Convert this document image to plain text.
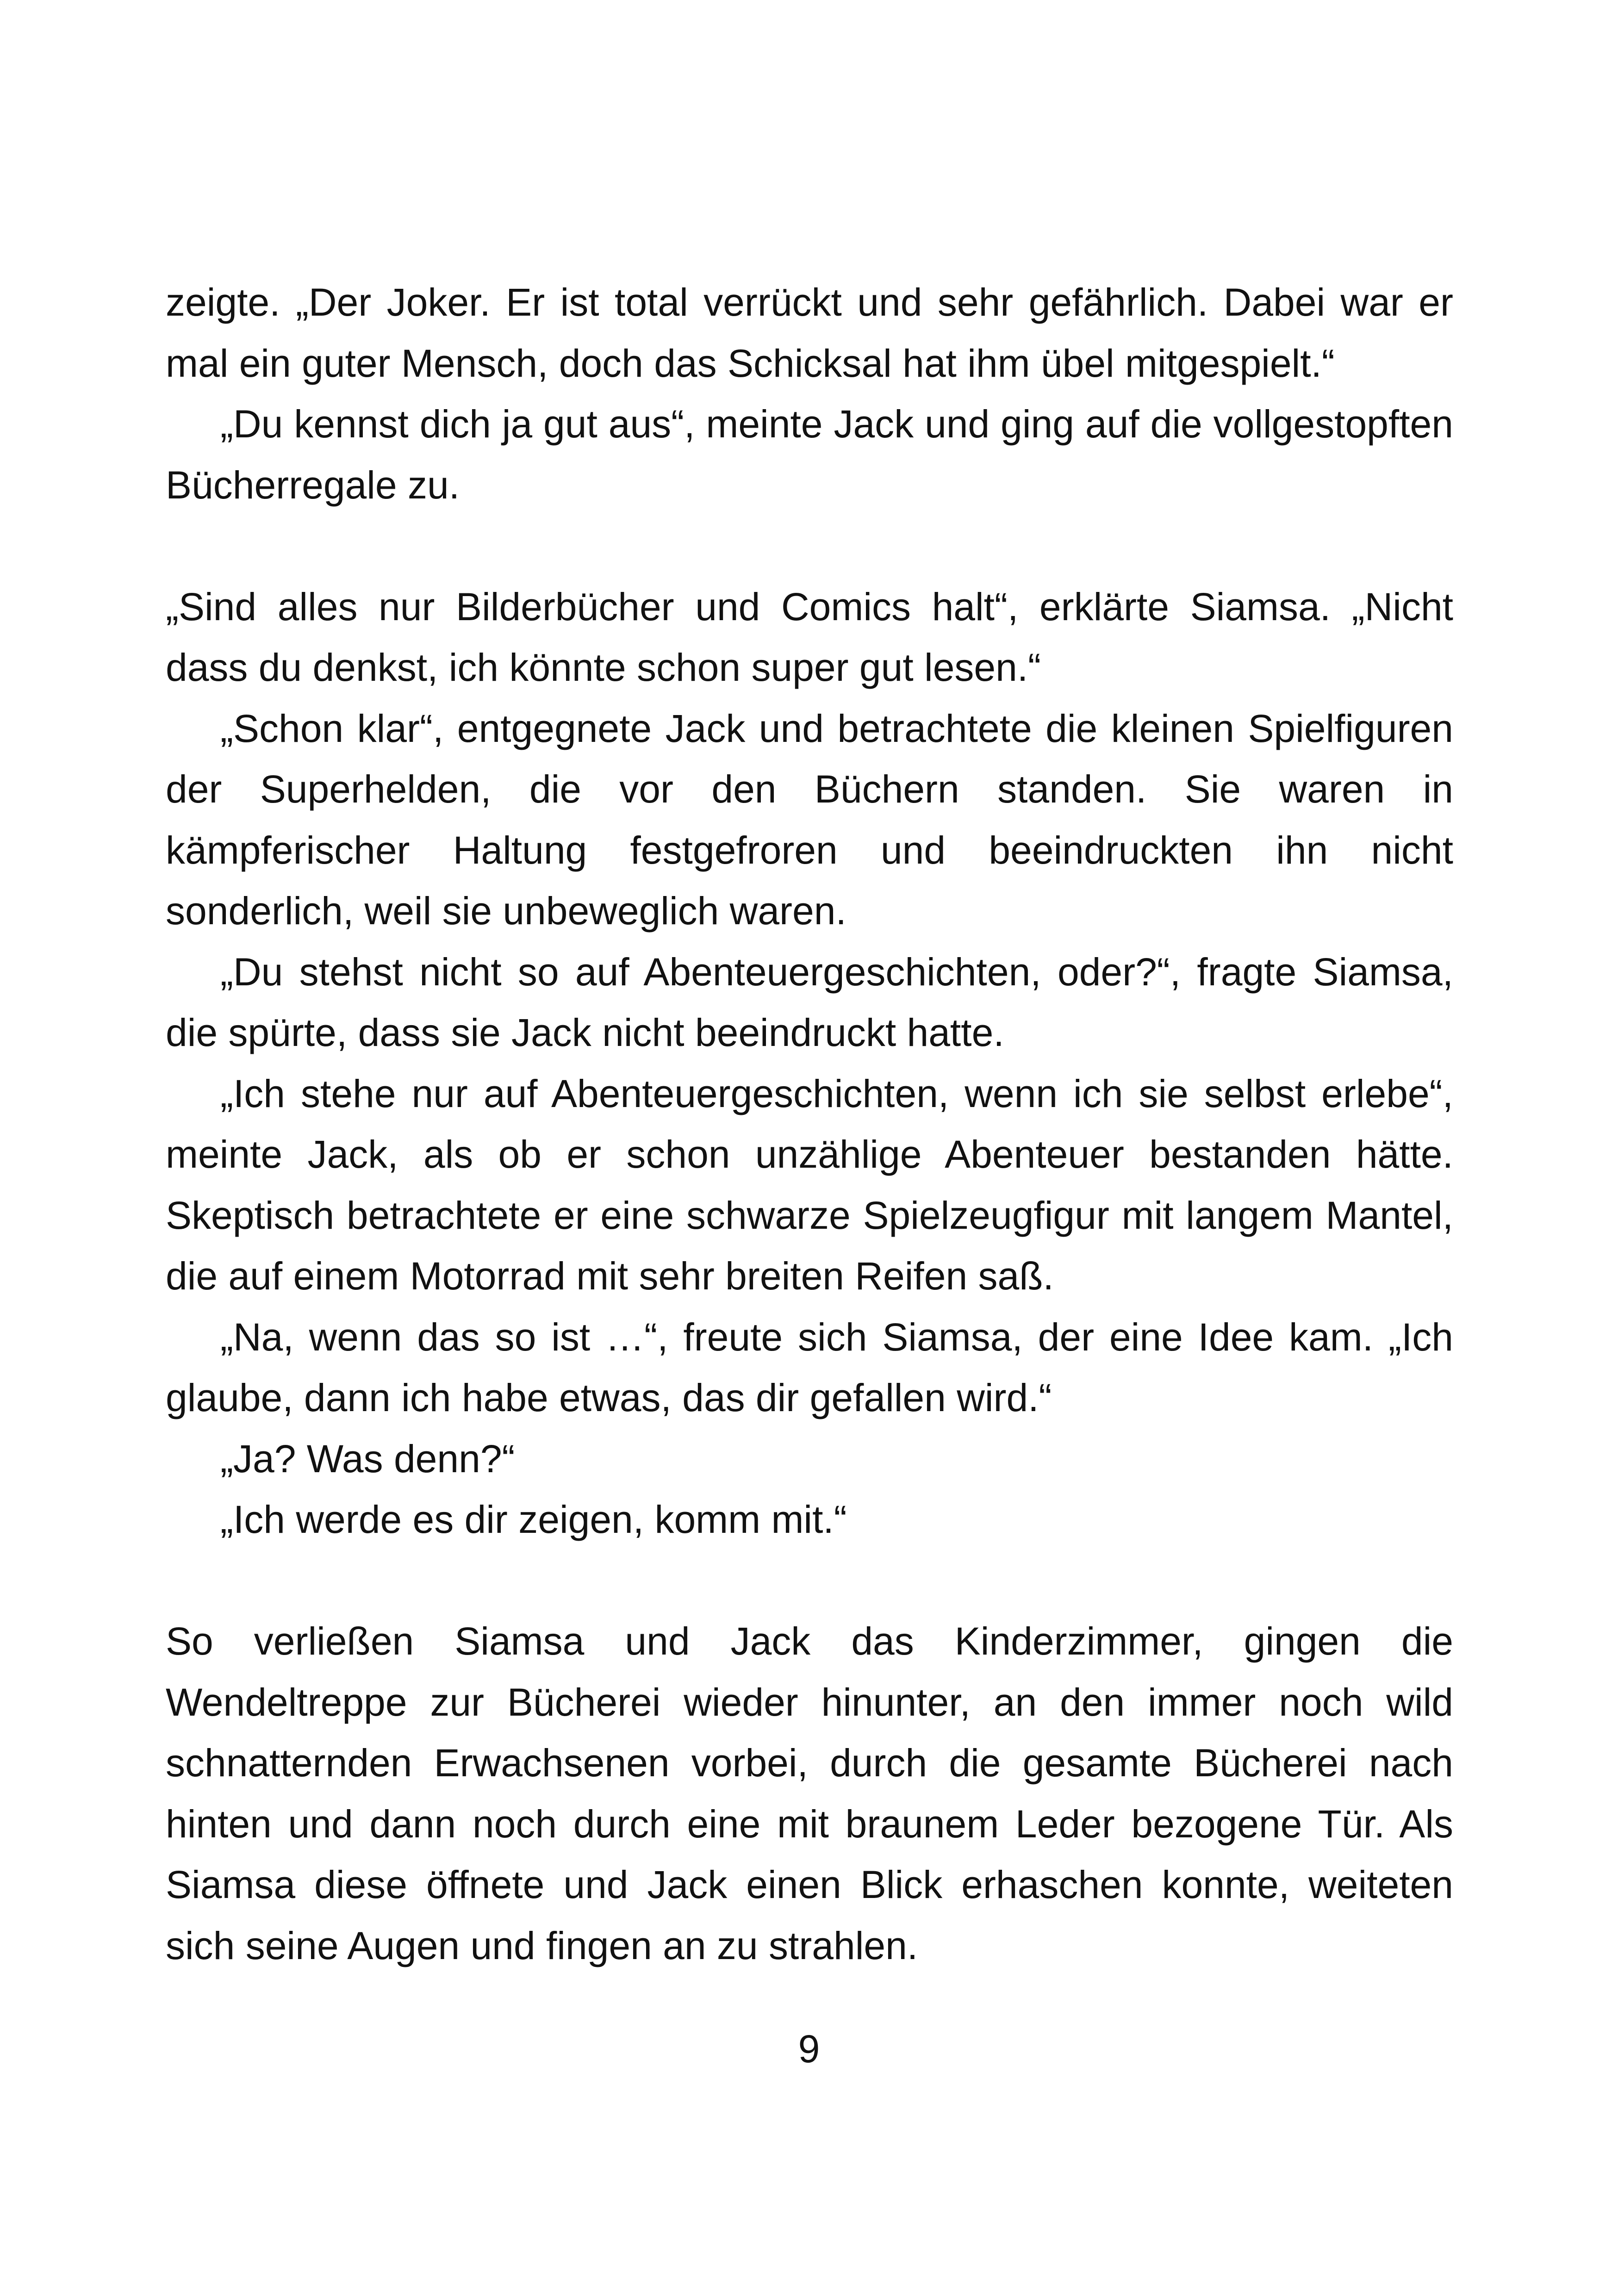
zeigte. „Der Joker. Er ist total verrückt und sehr gefährlich. Dabei war er mal ein guter Mensch, doch das Schicksal hat ihm übel mitgespielt.“

„Du kennst dich ja gut aus“, meinte Jack und ging auf die vollgestopften Bücherregale zu.

„Sind alles nur Bilderbücher und Comics halt“, erklärte Siamsa. „Nicht dass du denkst, ich könnte schon super gut lesen.“

„Schon klar“, entgegnete Jack und betrachtete die kleinen Spielfiguren der Superhelden, die vor den Büchern standen. Sie waren in kämpferischer Haltung festgefroren und beeindruckten ihn nicht sonderlich, weil sie unbeweglich waren.

„Du stehst nicht so auf Abenteuergeschichten, oder?“, fragte Siamsa, die spürte, dass sie Jack nicht beeindruckt hatte.

„Ich stehe nur auf Abenteuergeschichten, wenn ich sie selbst erlebe“, meinte Jack, als ob er schon unzählige Abenteuer bestanden hätte. Skeptisch betrachtete er eine schwarze Spielzeugfigur mit langem Mantel, die auf einem Motorrad mit sehr breiten Reifen saß.

„Na, wenn das so ist …“, freute sich Siamsa, der eine Idee kam. „Ich glaube, dann ich habe etwas, das dir gefallen wird.“

„Ja? Was denn?“

„Ich werde es dir zeigen, komm mit.“

So verließen Siamsa und Jack das Kinderzimmer, gingen die Wendeltreppe zur Bücherei wieder hinunter, an den immer noch wild schnatternden Erwachsenen vorbei, durch die gesamte Bücherei nach hinten und dann noch durch eine mit braunem Leder bezogene Tür. Als Siamsa diese öffnete und Jack einen Blick erhaschen konnte, weiteten sich seine Augen und fingen an zu strahlen.

9
